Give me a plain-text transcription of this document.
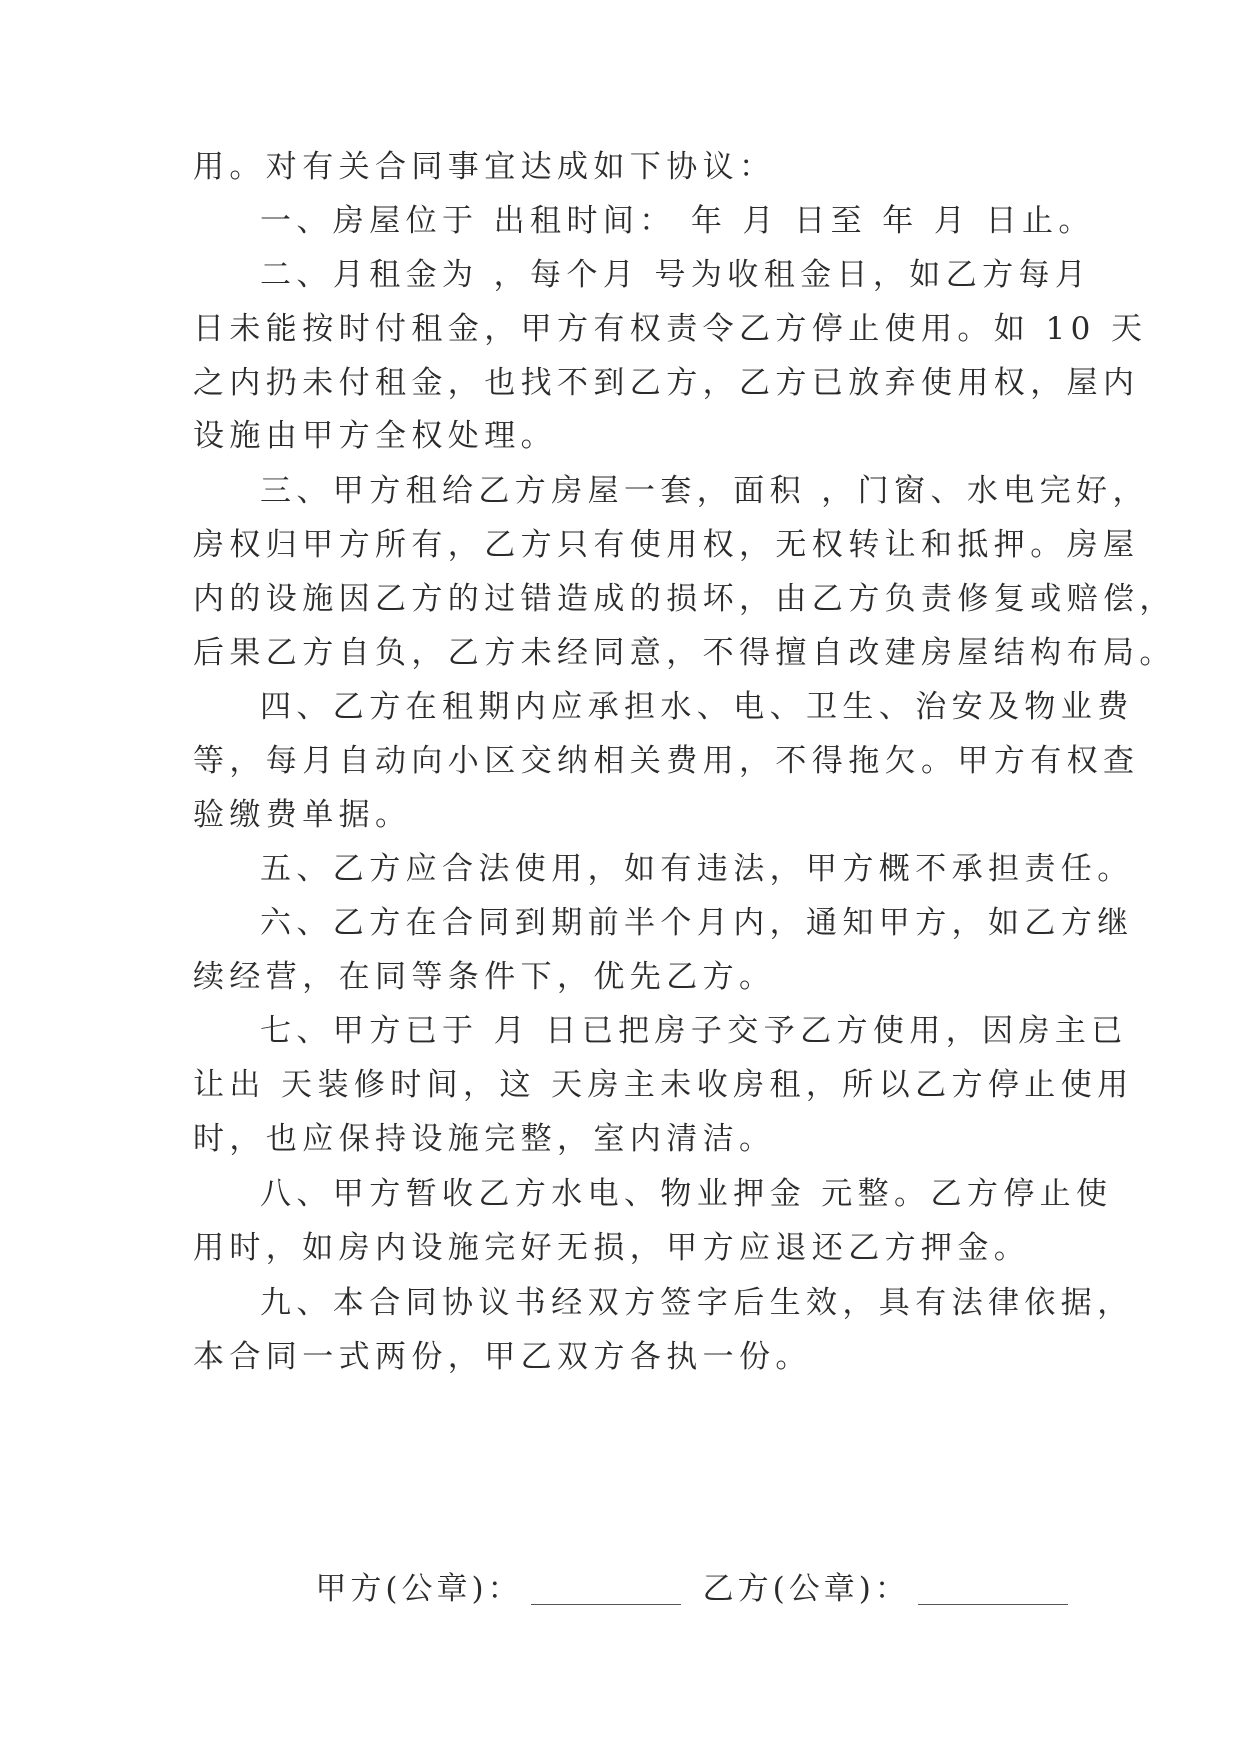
用。对有关合同事宜达成如下协议：
一、房屋位于 出租时间： 年 月 日至 年 月 日止。
二、月租金为 ，每个月 号为收租金日，如乙方每月
日未能按时付租金，甲方有权责令乙方停止使用。如 10 天
之内扔未付租金，也找不到乙方，乙方已放弃使用权，屋内
设施由甲方全权处理。
三、甲方租给乙方房屋一套，面积 ，门窗、水电完好，
房权归甲方所有，乙方只有使用权，无权转让和抵押。房屋
内的设施因乙方的过错造成的损坏，由乙方负责修复或赔偿，
后果乙方自负，乙方未经同意，不得擅自改建房屋结构布局。
四、乙方在租期内应承担水、电、卫生、治安及物业费
等，每月自动向小区交纳相关费用，不得拖欠。甲方有权查
验缴费单据。
五、乙方应合法使用，如有违法，甲方概不承担责任。
六、乙方在合同到期前半个月内，通知甲方，如乙方继
续经营，在同等条件下，优先乙方。
七、甲方已于 月 日已把房子交予乙方使用，因房主已
让出 天装修时间，这 天房主未收房租，所以乙方停止使用
时，也应保持设施完整，室内清洁。
八、甲方暂收乙方水电、物业押金 元整。乙方停止使
用时，如房内设施完好无损，甲方应退还乙方押金。
九、本合同协议书经双方签字后生效，具有法律依据，
本合同一式两份，甲乙双方各执一份。

甲方(公章)：	乙方(公章)：
